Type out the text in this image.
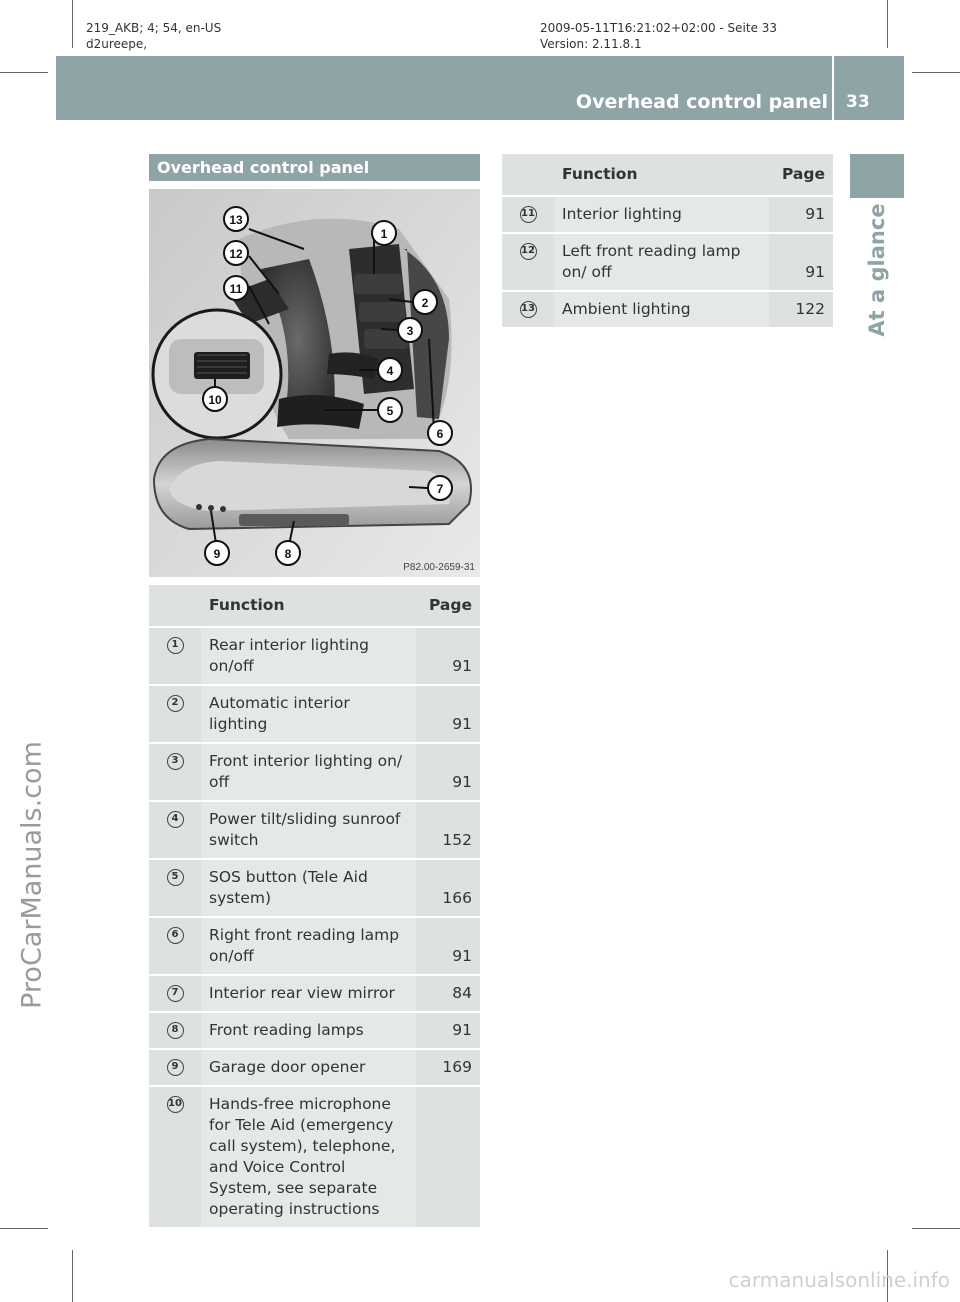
219_AKB; 4; 54, en-US
d2ureepe,
2009-05-11T16:21:02+02:00 - Seite 33
Version: 2.11.8.1
Overhead control panel 33
At a glance
ProCarManuals.com
Overhead control panel
13
12
11
1
2
3
4
5
6
7
8
9
10
P82.00-2659-31
	Function	Page
1	Rear interior lighting on/off	91
2	Automatic interior lighting	91
3	Front interior lighting on/ off	91
4	Power tilt/sliding sunroof switch	152
5	SOS button (Tele Aid system)	166
6	Right front reading lamp on/off	91
7	Interior rear view mirror	84
8	Front reading lamps	91
9	Garage door opener	169
10	Hands-free microphone for Tele Aid (emergency call system), telephone, and Voice Control System, see separate operating instructions	
	Function	Page
11	Interior lighting	91
12	Left front reading lamp on/ off	91
13	Ambient lighting	122
carmanualsonline.info
